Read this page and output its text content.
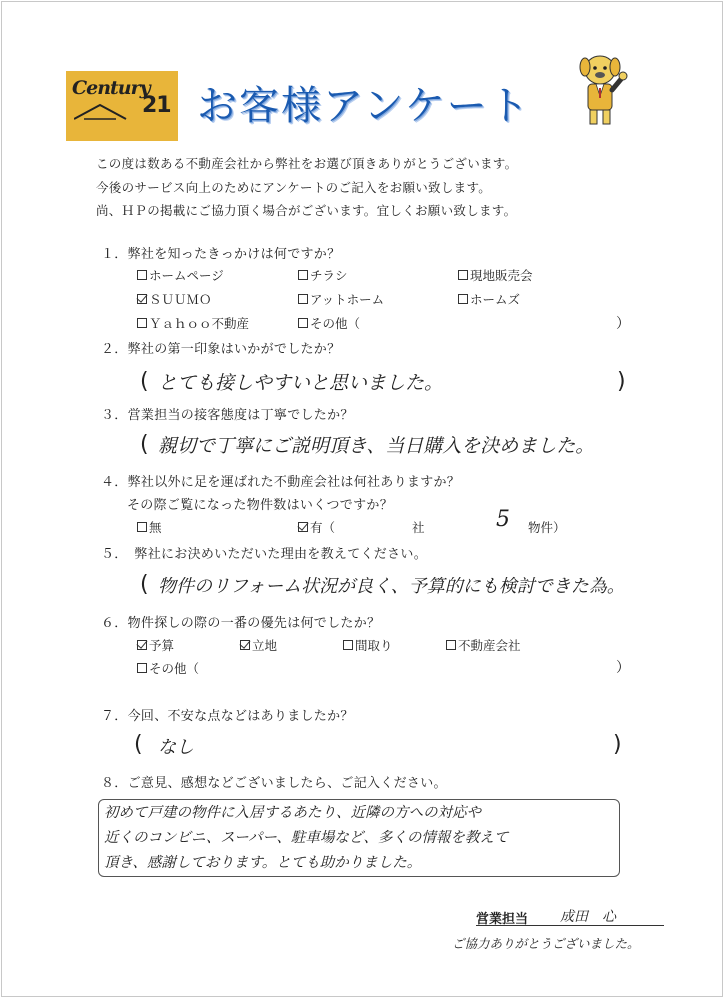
Century
21 お客様アンケート
この度は数ある不動産会社から弊社をお選び頂きありがとうございます。
今後のサービス向上のためにアンケートのご記入をお願い致します。
尚、ＨＰの掲載にご協力頂く場合がございます。宜しくお願い致します。
１．弊社を知ったきっかけは何ですか？
ホームページ	チラシ	現地販売会
ＳＵＵＭＯ	アットホーム	ホームズ
Ｙａｈｏｏ不動産	その他（	）
２．弊社の第一印象はいかがでしたか？
( とても接しやすいと思いました。	)
３．営業担当の接客態度は丁寧でしたか？
( 親切で丁寧にご説明頂き、当日購入を決めました。
４．弊社以外に足を運ばれた不動産会社は何社ありますか？
その際ご覧になった物件数はいくつですか？
無	有（	社	5 物件）
５．　弊社にお決めいただいた理由を教えてください。
( 物件のリフォーム状況が良く、予算的にも検討できた為。
６．物件探しの際の一番の優先は何でしたか？
予算	立地	間取り	不動産会社
その他（	）
７．今回、不安な点などはありましたか？
( なし	)
８．ご意見、感想などございましたら、ご記入ください。
初めて戸建の物件に入居するあたり、近隣の方への対応や
近くのコンビニ、スーパー、駐車場など、多くの情報を教えて
頂き、感謝しております。とても助かりました。
営業担当 成田　心
ご協力ありがとうございました。
